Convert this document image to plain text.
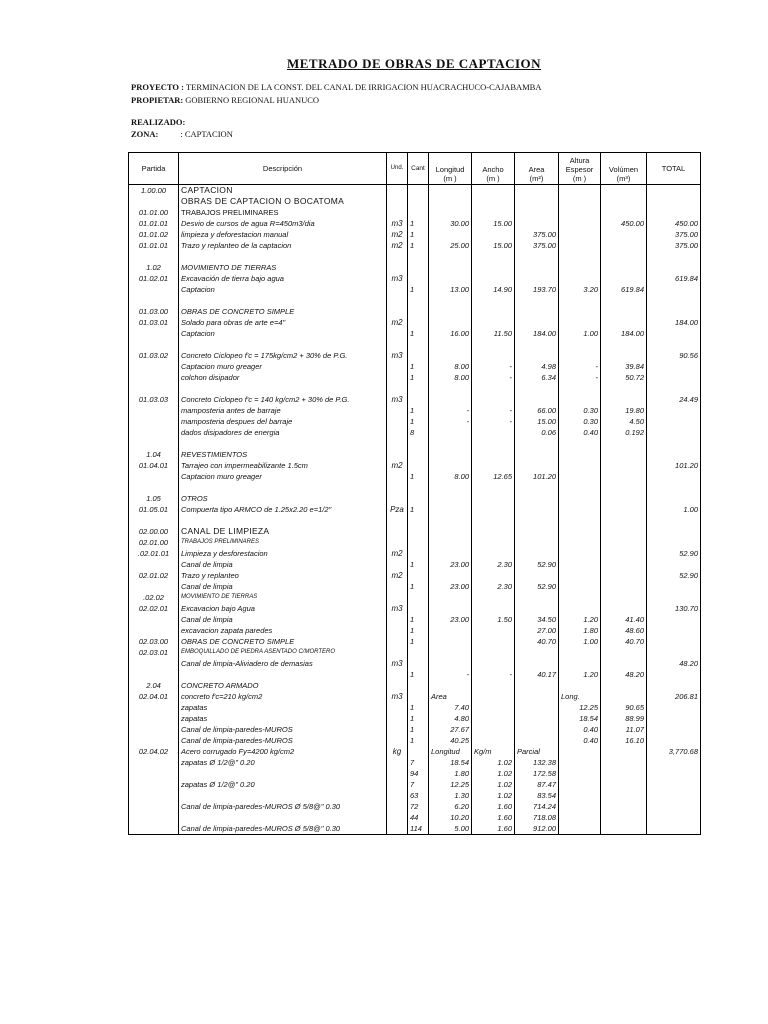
METRADO DE OBRAS DE CAPTACION
PROYECTO : TERMINACION DE LA CONST. DEL CANAL DE IRRIGACION HUACRACHUCO-CAJABAMBA
PROPIETAR: GOBIERNO REGIONAL HUANUCO
REALIZADO:
ZONA:	: CAPTACION
Partida	Descripción	Und.	Cant	Longitud	Ancho	Area	Altura Espesor	Volúmen	TOTAL
				(m )	(m )	(m²)	(m )	(m³)	
1.00.00	CAPTACION								
	OBRAS DE CAPTACION O BOCATOMA								
01.01.00	TRABAJOS PRELIMINARES								
01.01.01	Desvio de cursos de agua R=450m3/dia	m3	1	30.00	15.00			450.00	450.00
01.01.02	limpieza y deforestacion manual	m2	1			375.00			375.00
01.01.01	Trazo y replanteo de la captacion	m2	1	25.00	15.00	375.00			375.00

1.02	MOVIMIENTO DE TIERRAS								
01.02.01	Excavación de tierra bajo agua	m3							619.84
	Captacion		1	13.00	14.90	193.70	3.20	619.84	

01.03.00	OBRAS DE CONCRETO SIMPLE								
01.03.01	Solado para obras de arte e=4"	m2							184.00
	Captacion		1	16.00	11.50	184.00	1.00	184.00	

01.03.02	Concreto Ciclopeo f'c = 175kg/cm2 + 30% de P.G.	m3							90.56
	Captacion muro greager		1	8.00	-	4.98	-	39.84	
	colchon disipador		1	8.00	-	6.34	-	50.72	

01.03.03	Concreto Ciclopeo f'c = 140 kg/cm2 + 30% de P.G.	m3							24.49
	mamposteria antes de barraje		1	-	-	66.00	0.30	19.80	
	mamposteria despues del barraje		1	-	-	15.00	0.30	4.50	
	dados disipadores de energia		8			0.06	0.40	0.192	

1.04	REVESTIMIENTOS								
01.04.01	Tarrajeo con impermeabilizante 1.5cm	m2							101.20
	Captacion muro greager		1	8.00	12.65	101.20			

1.05	OTROS								
01.05.01	Compuerta tipo ARMCO de 1.25x2.20 e=1/2"	Pza	1						1.00

02.00.00	CANAL DE LIMPIEZA								
02.01.00	TRABAJOS PRELIMINARES								
.02.01.01	Limpieza y desforestacion	m2							52.90
	Canal de limpia		1	23.00	2.30	52.90			
02.01.02	Trazo y replanteo	m2							52.90
	Canal de limpia		1	23.00	2.30	52.90			
.02.02	MOVIMIENTO DE TIERRAS								
02.02.01	Excavacion bajo Agua	m3							130.70
	Canal de limpia		1	23.00	1.50	34.50	1.20	41.40	
	excavacion zapata paredes		1			27.00	1.80	48.60	
02.03.00	OBRAS DE CONCRETO SIMPLE		1			40.70	1.00	40.70	
02.03.01	EMBOQUILLADO DE PIEDRA ASENTADO C/MORTERO								
	Canal de limpia-Aliviadero de demasias	m3							48.20
			1	-	-	40.17	1.20	48.20	
2.04	CONCRETO ARMADO								
02.04.01	concreto f'c=210 kg/cm2	m3		Area			Long.		206.81
	zapatas		1	7.40			12.25	90.65	
	zapatas		1	4.80			18.54	88.99	
	Canal de limpia-paredes-MUROS		1	27.67			0.40	11.07	
	Canal de limpia-paredes-MUROS		1	40.25			0.40	16.10	
02.04.02	Acero corrugado Fy=4200 kg/cm2	kg		Longitud	Kg/m	Parcial			3,770.68
	zapatas Ø 1/2@" 0.20		7	18.54	1.02	132.38			
			94	1.80	1.02	172.58			
	zapatas Ø 1/2@" 0.20		7	12.25	1.02	87.47			
			63	1.30	1.02	83.54			
	Canal de limpia-paredes-MUROS Ø 5/8@" 0.30		72	6.20	1.60	714.24			
			44	10.20	1.60	718.08			
	Canal de limpia-paredes-MUROS Ø 5/8@" 0.30		114	5.00	1.60	912.00			
